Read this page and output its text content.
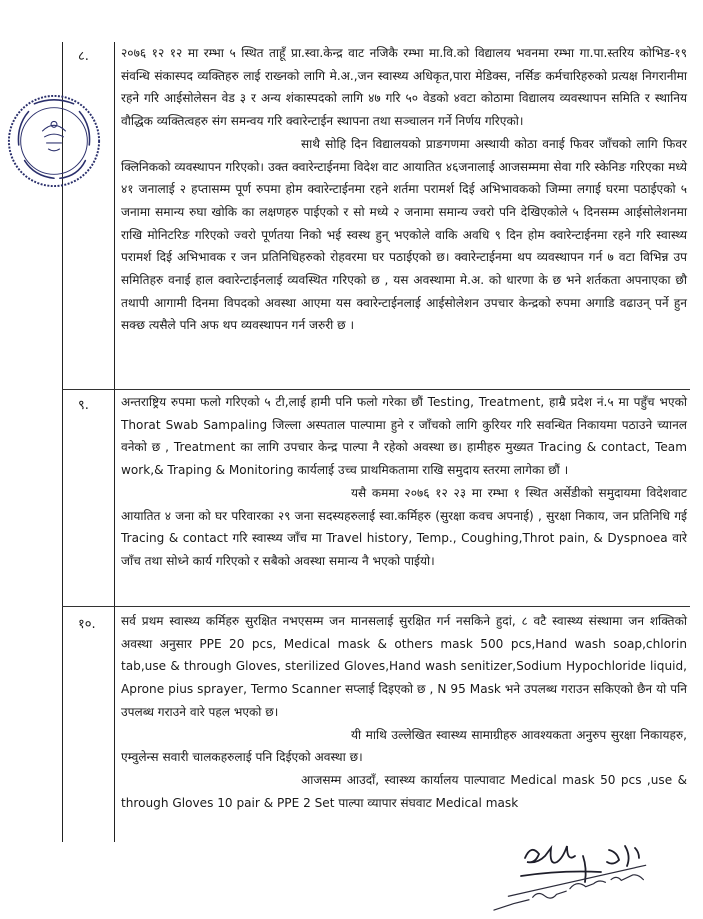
८.	२०७६ १२ १२ मा रम्भा ५ स्थित ताहूँ प्रा.स्वा.केन्द्र वाट नजिकै रम्भा मा.वि.को विद्यालय भवनमा रम्भा गा.पा.स्तरिय कोभिड-१९ संवन्धि संकास्पद व्यक्तिहरु लाई राख्नको लागि मे.अ.,जन स्वास्थ्य अधिकृत,पारा मेडिक्स, नर्सिङ कर्मचारिहरुको प्रत्यक्ष निगरानीमा रहने गरि आईसोलेसन वेड ३ र अन्य शंकास्पदको लागि ४७ गरि ५० वेडको ४वटा कोठामा विद्यालय व्यवस्थापन समिति र स्थानिय वौद्धिक व्यक्तित्वहरु संग समन्वय गरि क्वारेन्टाईन स्थापना तथा सञ्चालन गर्ने निर्णय गरिएको।

साथै सोहि दिन विद्यालयको प्राङगणमा अस्थायी कोठा वनाई फिवर जाँचको लागि फिवर क्लिनिकको व्यवस्थापन गरिएको। उक्त क्वारेन्टाईनमा विदेश वाट आयातित ४६जनालाई आजसम्ममा सेवा गरि स्केनिङ गरिएका मध्ये ४१ जनालाई २ हप्तासम्म पूर्ण रुपमा होम क्वारेन्टाईनमा रहने शर्तमा परामर्श दिई अभिभावकको जिम्मा लगाई घरमा पठाईएको ५ जनामा समान्य रुघा खोकि का लक्षणहरु पाईएको र सो मध्ये २ जनामा समान्य ज्वरो पनि देखिएकोले ५ दिनसम्म आईसोलेशनमा राखि मोनिटरिङ गरिएको ज्वरो पूर्णतया निको भई स्वस्थ हुन् भएकोले वाकि अवधि ९ दिन होम क्वारेन्टाईनमा रहने गरि स्वास्थ्य परामर्श दिई अभिभावक र जन प्रतिनिधिहरुको रोहवरमा घर पठाईएको छ। क्वारेन्टाईनमा थप व्यवस्थापन गर्न ७ वटा विभिन्न उप समितिहरु वनाई हाल क्वारेन्टाईनलाई व्यवस्थित गरिएको छ , यस अवस्थामा मे.अ. को धारणा के छ भने शर्तकता अपनाएका छौ तथापी आगामी दिनमा विपदको अवस्था आएमा यस क्वारेन्टाईनलाई आईसोलेशन उपचार केन्द्रको रुपमा अगाडि वढाउन् पर्ने हुन सक्छ त्यसैले पनि अफ थप व्यवस्थापन गर्न जरुरी छ ।

९.	अन्तराष्ट्रिय रुपमा फलो गरिएको ५ टी,लाई हामी पनि फलो गरेका छौं Testing, Treatment, हाम्रै प्रदेश नं.५ मा पहुँच भएको Thorat Swab Sampaling जिल्ला अस्पताल पाल्पामा हुने र जाँचको लागि कुरियर गरि सवन्धित निकायमा पठाउने च्यानल वनेको छ , Treatment का लागि उपचार केन्द्र पाल्पा नै रहेको अवस्था छ। हामीहरु मुख्यत Tracing & contact, Team work,& Traping & Monitoring कार्यलाई उच्च प्राथमिकतामा राखि समुदाय स्तरमा लागेका छौं ।

यसै कममा २०७६ १२ २३ मा रम्भा १ स्थित अर्सेडीको समुदायमा विदेशवाट आयातित ४ जना को घर परिवारका २९ जना सदस्यहरुलाई स्वा.कर्मिहरु (सुरक्षा कवच अपनाई) , सुरक्षा निकाय, जन प्रतिनिधि गई Tracing & contact गरि स्वास्थ्य जाँच मा Travel history, Temp., Coughing,Throt pain, & Dyspnoea वारे जाँच तथा सोध्ने कार्य गरिएको र सबैको अवस्था समान्य नै भएको पाईयो।

१०. सर्व प्रथम स्वास्थ्य कर्मिहरु सुरक्षित नभएसम्म जन मानसलाई सुरक्षित गर्न नसकिने हुदां, ८ वटै स्वास्थ्य संस्थामा जन शक्तिको अवस्था अनुसार PPE 20 pcs, Medical mask & others mask 500 pcs,Hand wash soap,chlorin tab,use & through Gloves, sterilized Gloves,Hand wash senitizer,Sodium Hypochloride liquid, Aprone pius sprayer, Termo Scanner सप्लाई दिइएको छ , N 95 Mask भने उपलब्ध गराउन सकिएको छैन यो पनि उपलब्ध गराउने वारे पहल भएको छ।

यी माथि उल्लेखित स्वास्थ्य सामाग्रीहरु आवश्यकता अनुरुप सुरक्षा निकायहरु, एम्वुलेन्स सवारी चालकहरुलाई पनि दिईएको अवस्था छ।

आजसम्म आउदाँ, स्वास्थ्य कार्यालय पाल्पावाट Medical mask 50 pcs ,use & through Gloves 10 pair & PPE 2 Set पाल्पा व्यापार संघवाट Medical mask
